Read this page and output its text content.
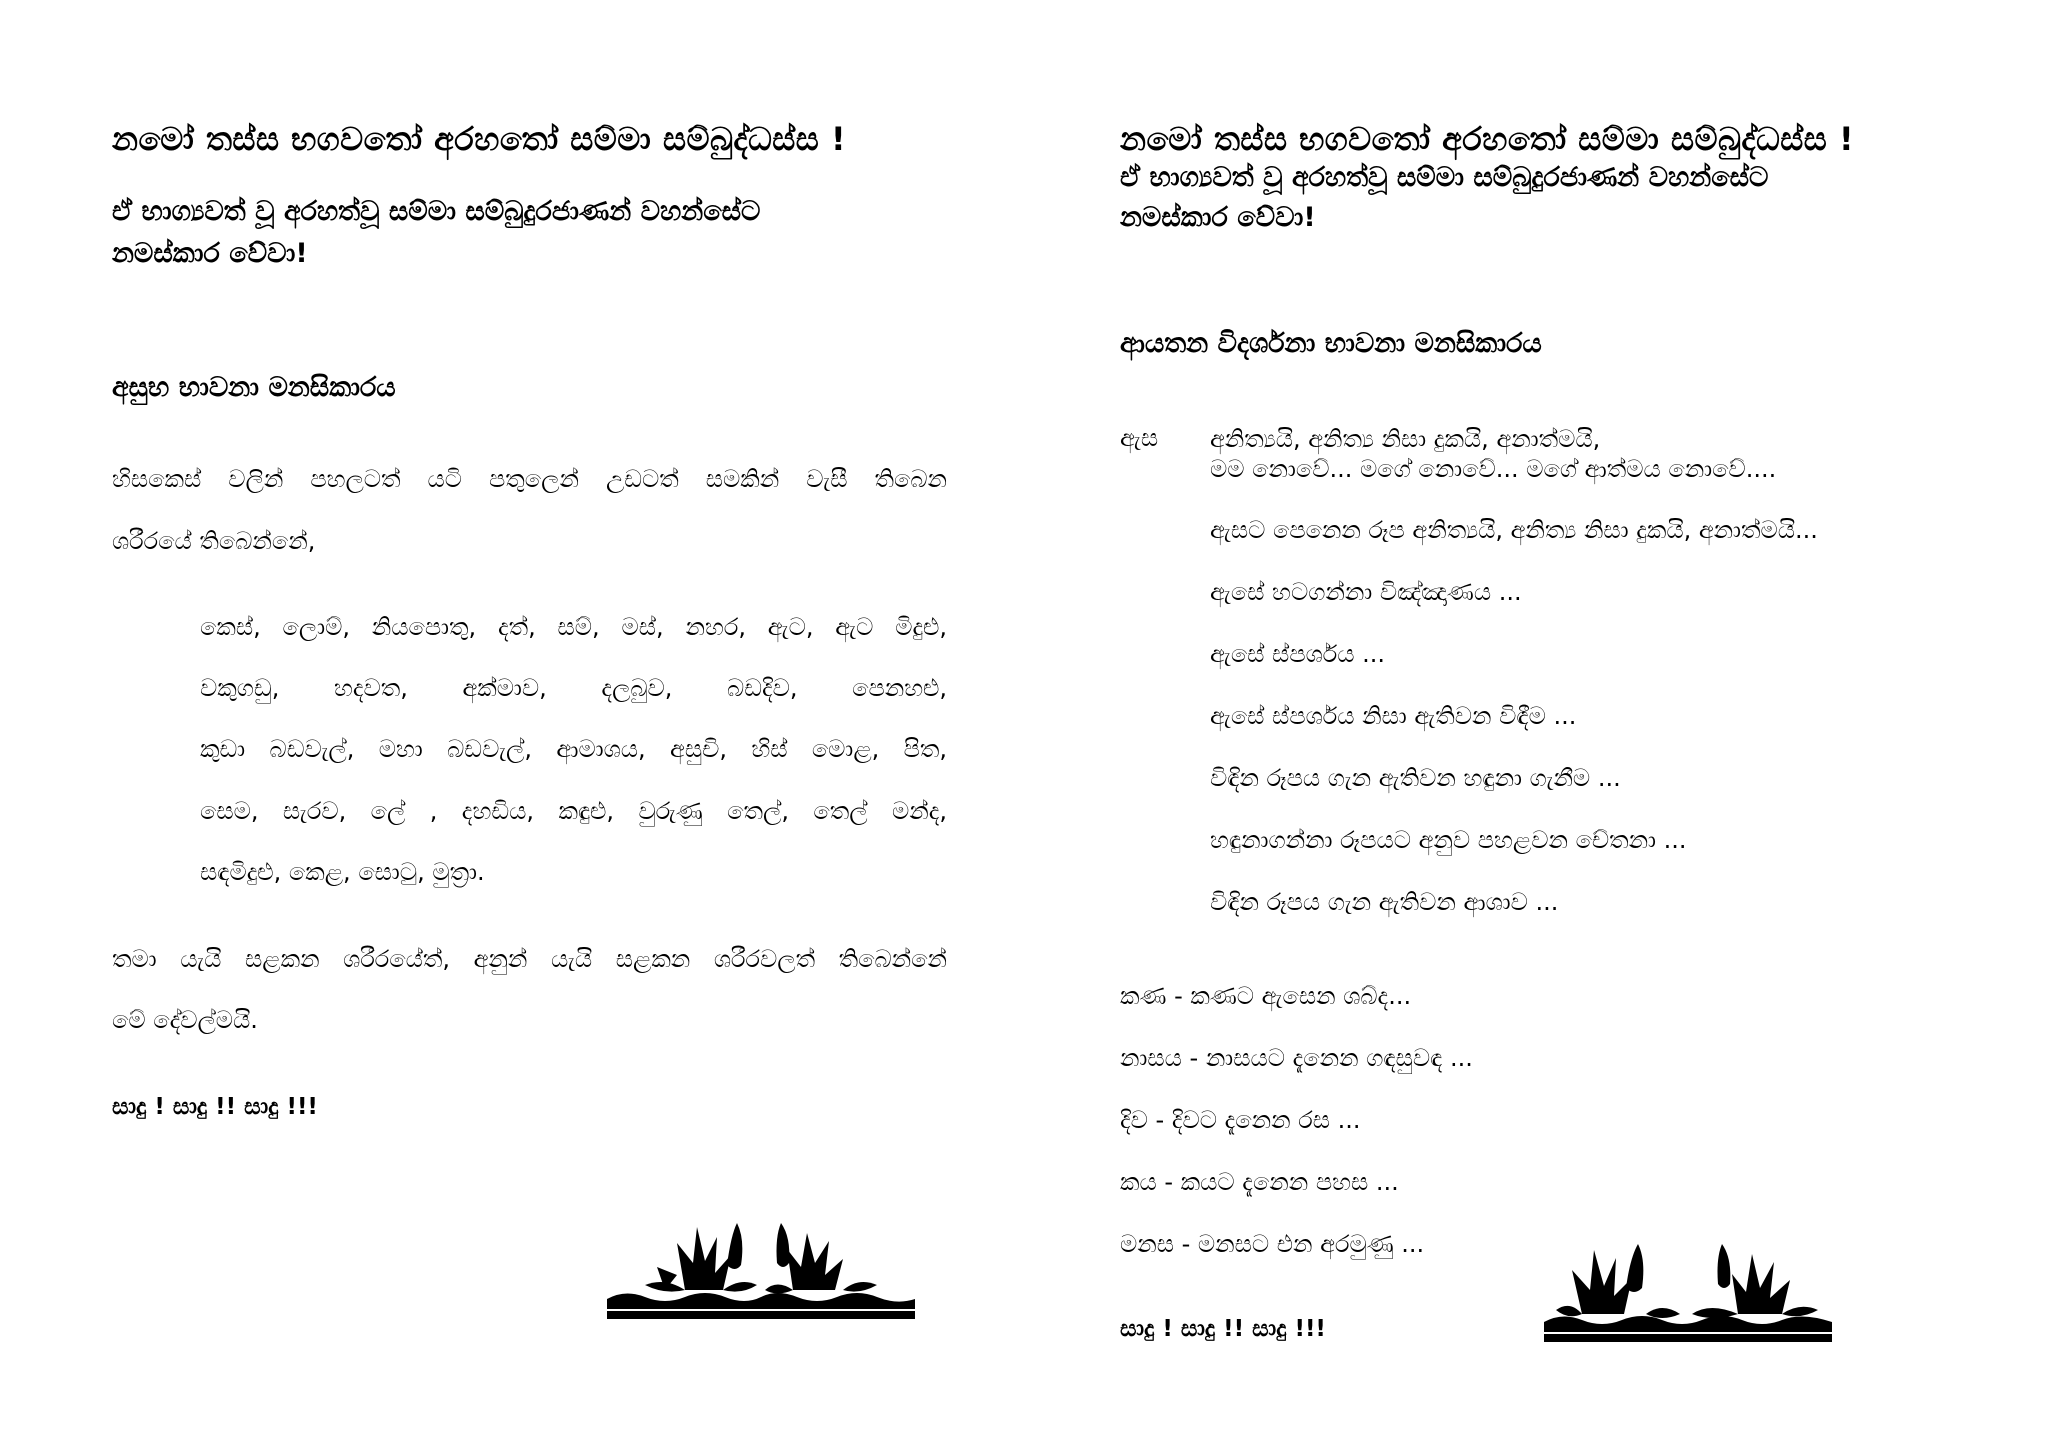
නමෝ තස්ස භගවතෝ අරහතෝ සම්මා සම්බුද්ධස්ස !
ඒ භාග්‍යවත් වූ අරහත්වූ සම්මා සම්බුදුරජාණන් වහන්සේට
නමස්කාර වේවා!
අසුභ භාවනා මනසිකාරය
හිසකෙස් වලින් පහලටත් යටි පතුලෙන් උඩටත් සමකින් වැසී තිබෙන
ශරීරයේ තිබෙන්නේ,
කෙස්, ලොම්, නියපොතු, දත්, සම්, මස්, නහර, ඇට, ඇට මිදුළු,
වකුගඩු, හදවත, අක්මාව, දලබුව, බඩදිව, පෙනහළු,
කුඩා බඩවැල්, මහා බඩවැල්, ආමාශය, අසුචි, හිස් මොළ, පිත,
සෙම, සැරව, ලේ , දහඩිය, කඳුළු, වුරුණු තෙල්, තෙල් මන්ද,
සඳමිදුළු, කෙළ, සොටු, මුත්‍රා.
තමා යැයි සළකන ශරීරයේත්, අනුන් යැයි සළකන ශරීරවලත් තිබෙන්නේ
මේ දේවල්මයි.
සාදු ! සාදු !! සාදු !!!
නමෝ තස්ස භගවතෝ අරහතෝ සම්මා සම්බුද්ධස්ස !
ඒ භාග්‍යවත් වූ අරහත්වූ සම්මා සම්බුදුරජාණන් වහන්සේට
නමස්කාර වේවා!
ආයතන විදර්ශනා භාවනා මනසිකාරය
ඇස අනිත්‍යයි, අනිත්‍ය නිසා දුකයි, අනාත්මයි,
මම නොවේ... මගේ නොවේ... මගේ ආත්මය නොවේ....
ඇසට පෙනෙන රූප අනිත්‍යයි, අනිත්‍ය නිසා දුකයි, අනාත්මයි...
ඇසේ හටගන්නා විඤ්ඤාණය ...
ඇසේ ස්පර්ශය ...
ඇසේ ස්පර්ශය නිසා ඇතිවන විඳීම ...
විඳින රූපය ගැන ඇතිවන හඳුනා ගැනීම ...
හඳුනාගන්නා රූපයට අනුව පහළවන චේතනා ...
විඳින රූපය ගැන ඇතිවන ආශාව ...
කණ - කණට ඇසෙන ශබ්ද...
නාසය - නාසයට දැනෙන ගඳසුවඳ ...
දිව - දිවට දැනෙන රස ...
කය - කයට දැනෙන පහස ...
මනස - මනසට එන අරමුණු ...
සාදු ! සාදු !! සාදු !!!
